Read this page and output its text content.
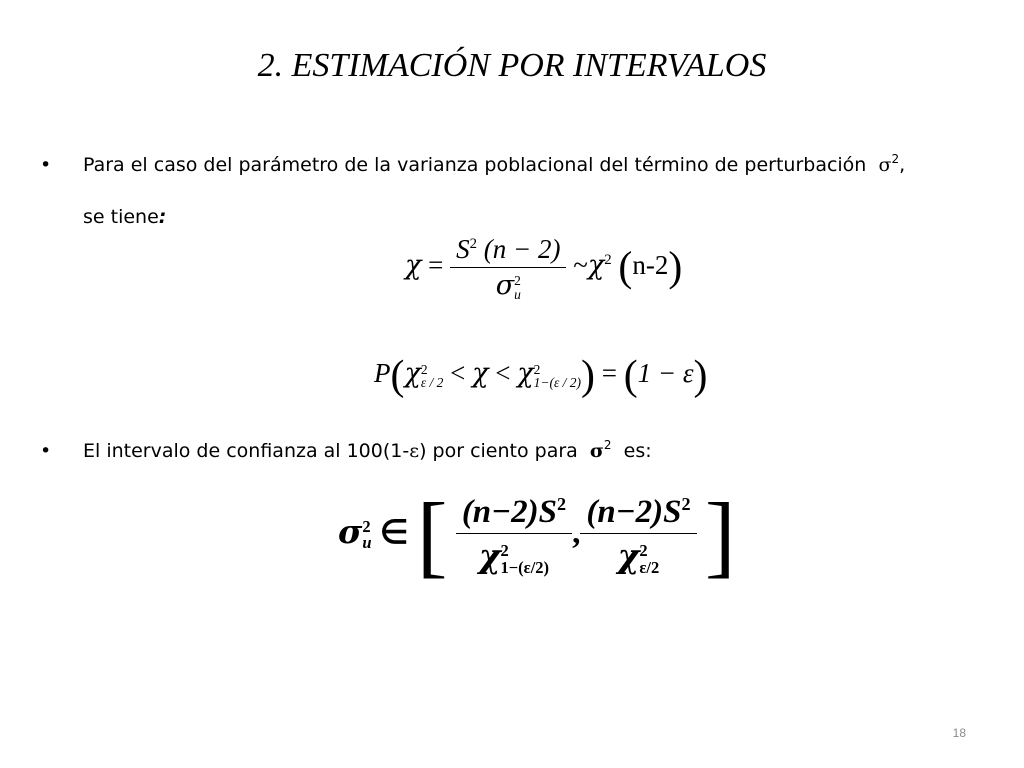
2. ESTIMACIÓN POR INTERVALOS
• Para el caso del parámetro de la varianza poblacional del término de perturbación $\sigma^2$,
se tiene:
$\chi = S^2$ (n − 2)
σ 2
u $\sim\chi^2$ (n-2)
P(χ 2
ε / 2 < χ < χ 2
1−(ε / 2) ) = (1 − ε)
• El intervalo de confianza al 100(1-ε) por ciento para $\sigma^2$ es:
σ 2
u ∈ [ $(n-2)S^2$
χ 2
1−(ε/2) , $(n-2)S^2$
χ 2
ε/2 ]
18
